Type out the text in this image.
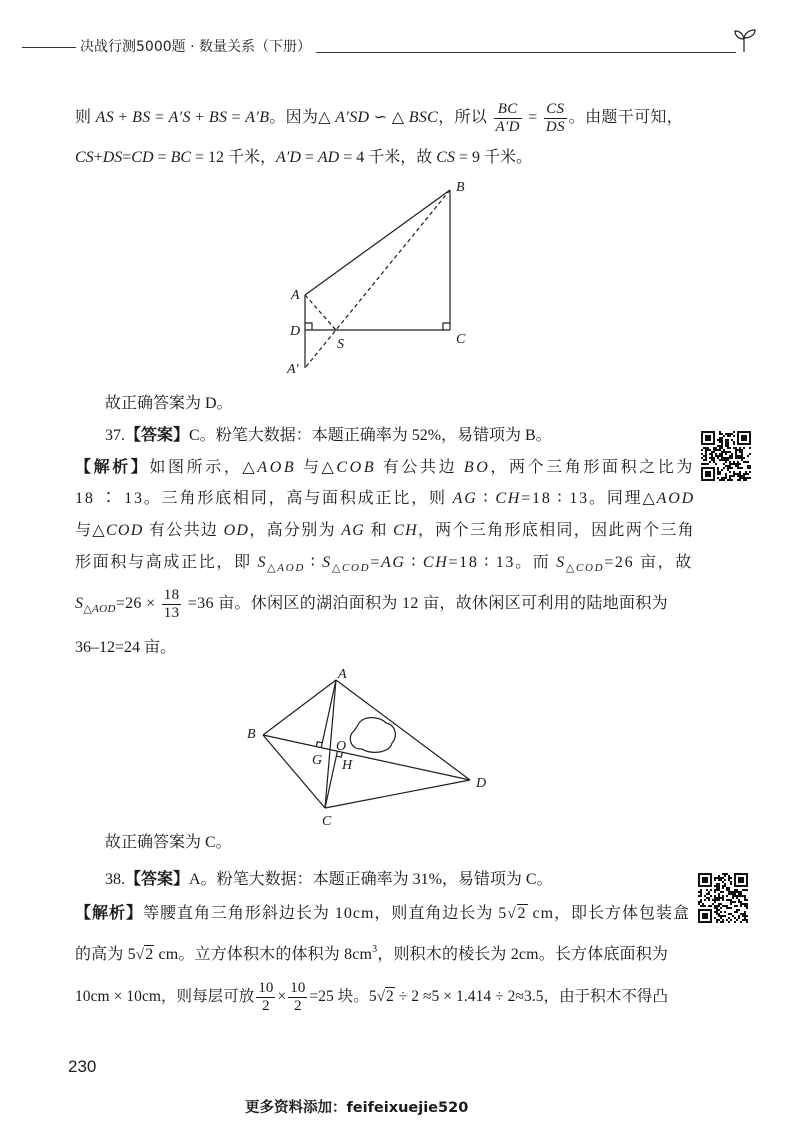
决战行测5000题 · 数量关系（下册）
则 AS + BS = A′S + BS = A′B。因为△ A′SD ∽ △ BSC，所以 $\frac{BC}{A'D} = \frac{CS}{DS}$ 。由题干可知，
CS+DS=CD = BC = 12 千米，A′D = AD = 4 千米，故 CS = 9 千米。
B
A
D
S	C
A′
故正确答案为 D。
37.【答案】C。粉笔大数据：本题正确率为 52%，易错项为 B。
【解析】如图所示，△AOB 与△COB 有公共边 BO，两个三角形面积之比为
18 ∶ 13。三角形底相同，高与面积成正比，则 AG ∶ CH=18 ∶ 13。同理△AOD
与△COD 有公共边 OD，高分别为 AG 和 CH，两个三角形底相同，因此两个三角
形面积与高成正比，即 $S_{\triangle AOD}$ ∶ $S_{\triangle COD}=AG$ ∶ CH=18 ∶ 13。而 $S_{\triangle COD}=26$ 亩，故
$S_{\triangle AOD}=26 \times \frac{18}{13} =36$ 亩。休闲区的湖泊面积为 12 亩，故休闲区可利用的陆地面积为
36–12=24 亩。
A
B
C
D
O
G H
故正确答案为 C。
38.【答案】A。粉笔大数据：本题正确率为 31%，易错项为 C。
【解析】等腰直角三角形斜边长为 10cm，则直角边长为 5√2 cm，即长方体包装盒
的高为 5√2 cm。立方体积木的体积为 $8cm^3$，则积木的棱长为 2cm。长方体底面积为
10cm × 10cm，则每层可放 $\frac{10}{2} \times \frac{10}{2} =25$ 块。5√2 ÷ 2 ≈5 × 1.414 ÷ 2≈3.5，由于积木不得凸
230
更多资料添加：feifeixuejie520
